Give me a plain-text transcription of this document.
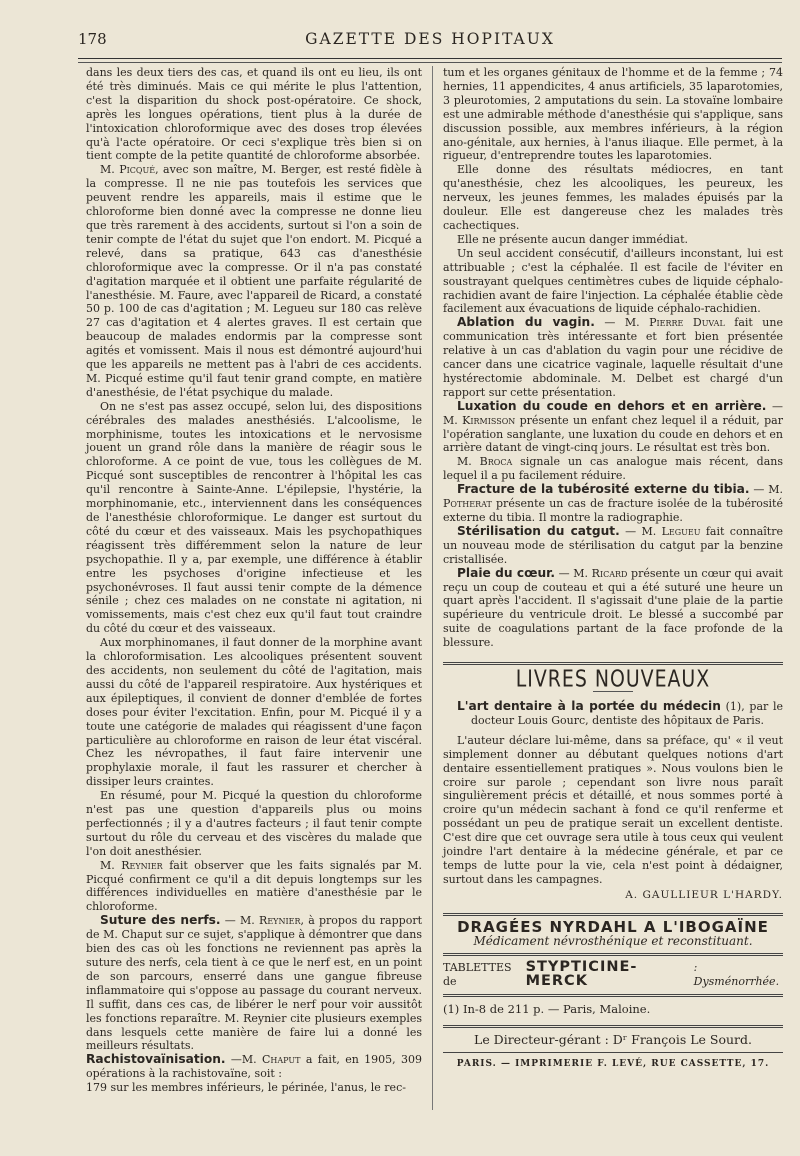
178	GAZETTE DES HOPITAUX

dans les deux tiers des cas, et quand ils ont eu lieu, ils ont été très diminués. Mais ce qui mérite le plus l'attention, c'est la disparition du shock post-opératoire. Ce shock, après les longues opérations, tient plus à la durée de l'intoxication chloroformique avec des doses trop élevées qu'à l'acte opératoire. Or ceci s'explique très bien si on tient compte de la petite quantité de chloroforme absorbée.

M. Picqué, avec son maître, M. Berger, est resté fidèle à la compresse. Il ne nie pas toutefois les services que peuvent rendre les appareils, mais il estime que le chloroforme bien donné avec la compresse ne donne lieu que très rarement à des accidents, surtout si l'on a soin de tenir compte de l'état du sujet que l'on endort. M. Picqué a relevé, dans sa pratique, 643 cas d'anesthésie chloroformique avec la compresse. Or il n'a pas constaté d'agitation marquée et il obtient une parfaite régularité de l'anesthésie. M. Faure, avec l'appareil de Ricard, a constaté 50 p. 100 de cas d'agitation ; M. Legueu sur 180 cas relève 27 cas d'agitation et 4 alertes graves. Il est certain que beaucoup de malades endormis par la compresse sont agités et vomissent. Mais il nous est démontré aujourd'hui que les appareils ne mettent pas à l'abri de ces accidents. M. Picqué estime qu'il faut tenir grand compte, en matière d'anesthésie, de l'état psychique du malade.

On ne s'est pas assez occupé, selon lui, des dispositions cérébrales des malades anesthésiés. L'alcoolisme, le morphinisme, toutes les intoxications et le nervosisme jouent un grand rôle dans la manière de réagir sous le chloroforme. A ce point de vue, tous les collègues de M. Picqué sont susceptibles de rencontrer à l'hôpital les cas qu'il rencontre à Sainte-Anne. L'épilepsie, l'hystérie, la morphinomanie, etc., interviennent dans les conséquences de l'anesthésie chloroformique. Le danger est surtout du côté du cœur et des vaisseaux. Mais les psychopathiques réagissent très différemment selon la nature de leur psychopathie. Il y a, par exemple, une différence à établir entre les psychoses d'origine infectieuse et les psychonévroses. Il faut aussi tenir compte de la démence sénile ; chez ces malades on ne constate ni agitation, ni vomissements, mais c'est chez eux qu'il faut tout craindre du côté du cœur et des vaisseaux.

Aux morphinomanes, il faut donner de la morphine avant la chloroformisation. Les alcooliques présentent souvent des accidents, non seulement du côté de l'agitation, mais aussi du côté de l'appareil respiratoire. Aux hystériques et aux épileptiques, il convient de donner d'emblée de fortes doses pour éviter l'excitation. Enfin, pour M. Picqué il y a toute une catégorie de malades qui réagissent d'une façon particulière au chloroforme en raison de leur état viscéral. Chez les névropathes, il faut faire intervenir une prophylaxie morale, il faut les rassurer et chercher à dissiper leurs craintes.

En résumé, pour M. Picqué la question du chloroforme n'est pas une question d'appareils plus ou moins perfectionnés ; il y a d'autres facteurs ; il faut tenir compte surtout du rôle du cerveau et des viscères du malade que l'on doit anesthésier.

M. Reynier fait observer que les faits signalés par M. Picqué confirment ce qu'il a dit depuis longtemps sur les différences individuelles en matière d'anesthésie par le chloroforme.

Suture des nerfs. — M. Reynier, à propos du rapport de M. Chaput sur ce sujet, s'applique à démontrer que dans bien des cas où les fonctions ne reviennent pas après la suture des nerfs, cela tient à ce que le nerf est, en un point de son parcours, enserré dans une gangue fibreuse inflammatoire qui s'oppose au passage du courant nerveux. Il suffit, dans ces cas, de libérer le nerf pour voir aussitôt les fonctions reparaître. M. Reynier cite plusieurs exemples dans lesquels cette manière de faire lui a donné les meilleurs résultats.

Rachistovaïnisation. —M. Chaput a fait, en 1905, 309 opérations à la rachistovaïne, soit :

179 sur les membres inférieurs, le périnée, l'anus, le rec-

tum et les organes génitaux de l'homme et de la femme ; 74 hernies, 11 appendicites, 4 anus artificiels, 35 laparotomies, 3 pleurotomies, 2 amputations du sein. La stovaïne lombaire est une admirable méthode d'anesthésie qui s'applique, sans discussion possible, aux membres inférieurs, à la région ano-génitale, aux hernies, à l'anus iliaque. Elle permet, à la rigueur, d'entreprendre toutes les laparotomies.

Elle donne des résultats médiocres, en tant qu'anesthésie, chez les alcooliques, les peureux, les nerveux, les jeunes femmes, les malades épuisés par la douleur. Elle est dangereuse chez les malades très cachectiques.

Elle ne présente aucun danger immédiat.

Un seul accident consécutif, d'ailleurs inconstant, lui est attribuable ; c'est la céphalée. Il est facile de l'éviter en soustrayant quelques centimètres cubes de liquide céphalo-rachidien avant de faire l'injection. La céphalée établie cède facilement aux évacuations de liquide céphalo-rachidien.

Ablation du vagin. — M. Pierre Duval fait une communication très intéressante et fort bien présentée relative à un cas d'ablation du vagin pour une récidive de cancer dans une cicatrice vaginale, laquelle résultait d'une hystérectomie abdominale. M. Delbet est chargé d'un rapport sur cette présentation.

Luxation du coude en dehors et en arrière. — M. Kirmisson présente un enfant chez lequel il a réduit, par l'opération sanglante, une luxation du coude en dehors et en arrière datant de vingt-cinq jours. Le résultat est très bon.

M. Broca signale un cas analogue mais récent, dans lequel il a pu facilement réduire.

Fracture de la tubérosité externe du tibia. — M. Potherat présente un cas de fracture isolée de la tubérosité externe du tibia. Il montre la radiographie.

Stérilisation du catgut. — M. Legueu fait connaître un nouveau mode de stérilisation du catgut par la benzine cristallisée.

Plaie du cœur. — M. Ricard présente un cœur qui avait reçu un coup de couteau et qui a été suturé une heure un quart après l'accident. Il s'agissait d'une plaie de la partie supérieure du ventricule droit. Le blessé a succombé par suite de coagulations partant de la face profonde de la blessure.

LIVRES NOUVEAUX

L'art dentaire à la portée du médecin (1), par le docteur Louis Gourc, dentiste des hôpitaux de Paris.

L'auteur déclare lui-même, dans sa préface, qu' « il veut simplement donner au débutant quelques notions d'art dentaire essentiellement pratiques ». Nous voulons bien le croire sur parole ; cependant son livre nous paraît singulièrement précis et détaillé, et nous sommes porté à croire qu'un médecin sachant à fond ce qu'il renferme et possédant un peu de pratique serait un excellent dentiste. C'est dire que cet ouvrage sera utile à tous ceux qui veulent joindre l'art dentaire à la médecine générale, et par ce temps de lutte pour la vie, cela n'est point à dédaigner, surtout dans les campagnes.

A. GAULLIEUR L'HARDY.
DRAGÉES NYRDAHL A L'IBOGAÏNE
Médicament névrosthénique et reconstituant.
TABLETTES de
STYPTICINE-MERCK
: Dysménorrhée.
(1) In-8 de 211 p. — Paris, Maloine.
Le Directeur-gérant : Dʳ François Le Sourd.
PARIS. — IMPRIMERIE F. LEVÉ, RUE CASSETTE, 17.
